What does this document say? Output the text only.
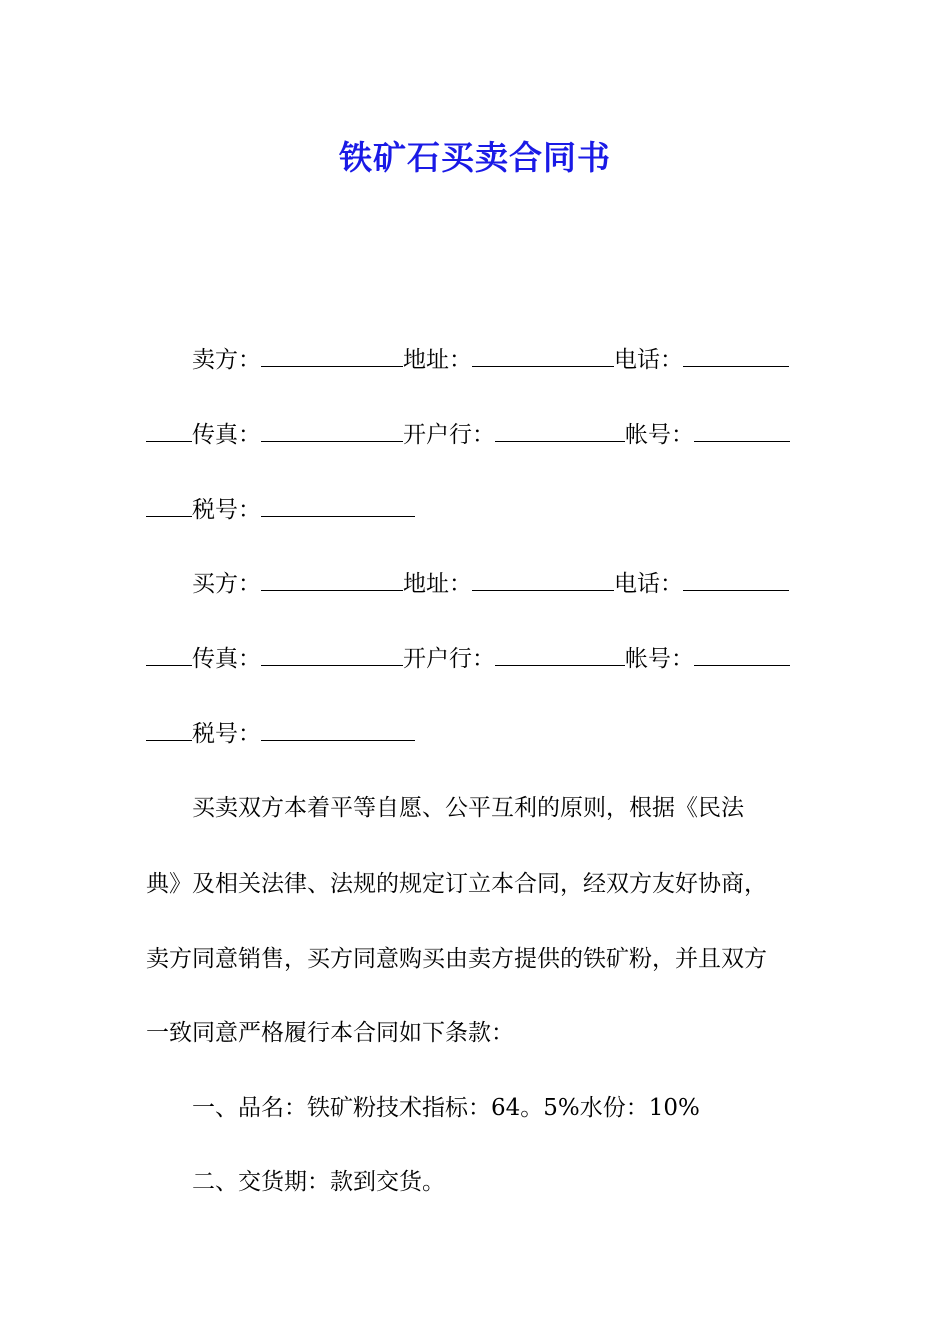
铁矿石买卖合同书
卖方：	地址：	电话：
传真：	开户行：	帐号：
税号：
买方：	地址：	电话：
传真：	开户行：	帐号：
税号：
买卖双方本着平等自愿、公平互利的原则，根据《民法
典》及相关法律、法规的规定订立本合同，经双方友好协商，
卖方同意销售，买方同意购买由卖方提供的铁矿粉，并且双方
一致同意严格履行本合同如下条款：
一、品名：铁矿粉技术指标：64。5%水份：10%
二、交货期：款到交货。
